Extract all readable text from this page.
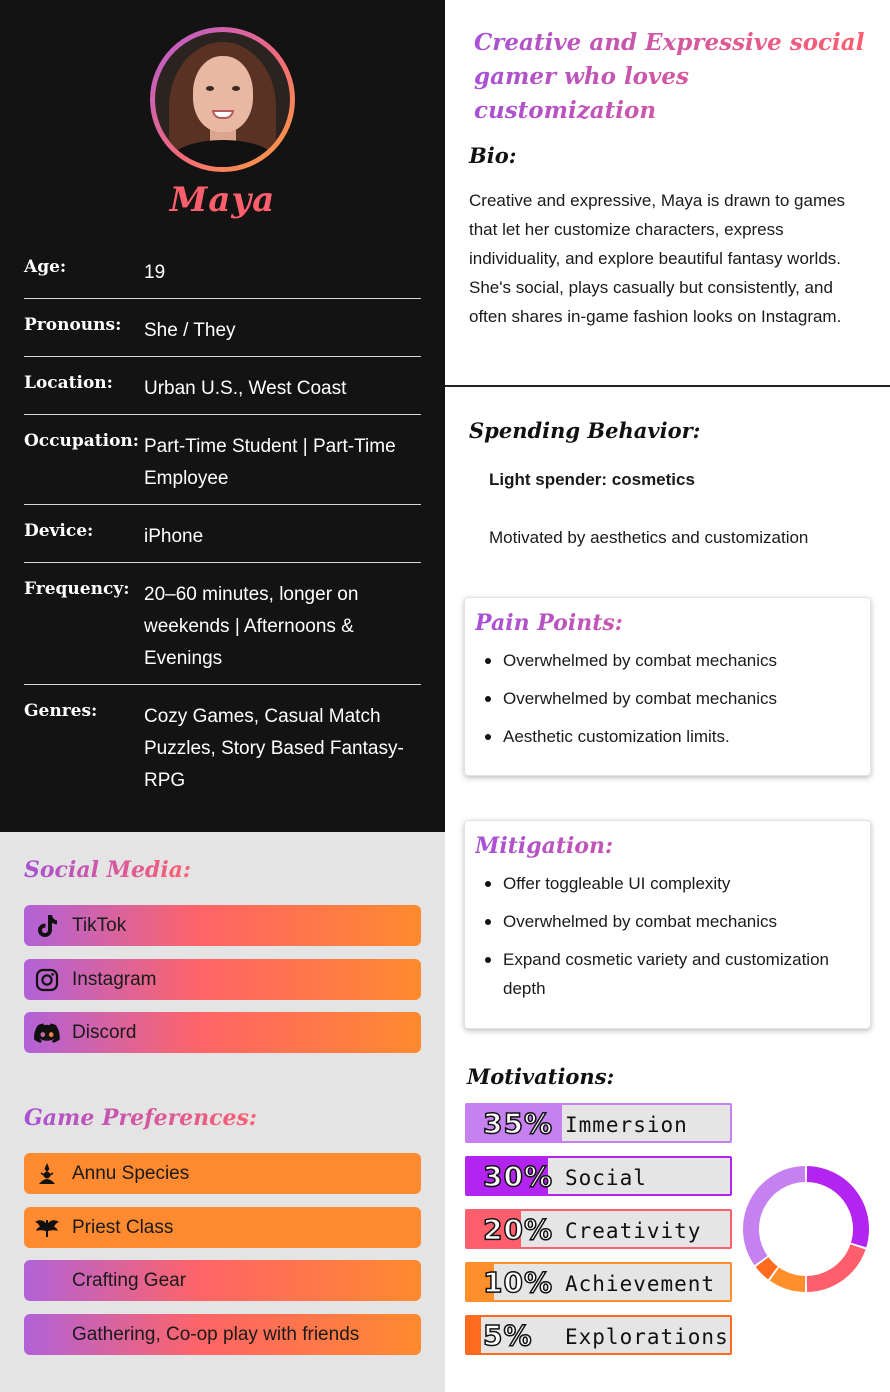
Maya
Age:	19
Pronouns:	She / They
Location:	Urban U.S., West Coast
Occupation: Part-Time Student | Part-Time Employee
Device:	iPhone
Frequency: 20–60 minutes, longer on weekends | Afternoons & Evenings
Genres:	Cozy Games, Casual Match Puzzles, Story Based Fantasy-RPG
Social Media:
TikTok
Instagram
Discord
Game Preferences:
Annu Species
Priest Class
Crafting Gear
Gathering, Co-op play with friends
Creative and Expressive social gamer who loves customization
Bio:
Creative and expressive, Maya is drawn to games that let her customize characters, express individuality, and explore beautiful fantasy worlds. She's social, plays casually but consistently, and often shares in-game fashion looks on Instagram.
Spending Behavior:
Light spender: cosmetics
Motivated by aesthetics and customization
Pain Points:
Overwhelmed by combat mechanics
Overwhelmed by combat mechanics
Aesthetic customization limits.
Mitigation:
Offer toggleable UI complexity
Overwhelmed by combat mechanics
Expand cosmetic variety and customization depth
Motivations:
35% Immersion
30% Social
20% Creativity
10% Achievement
5% Explorations
